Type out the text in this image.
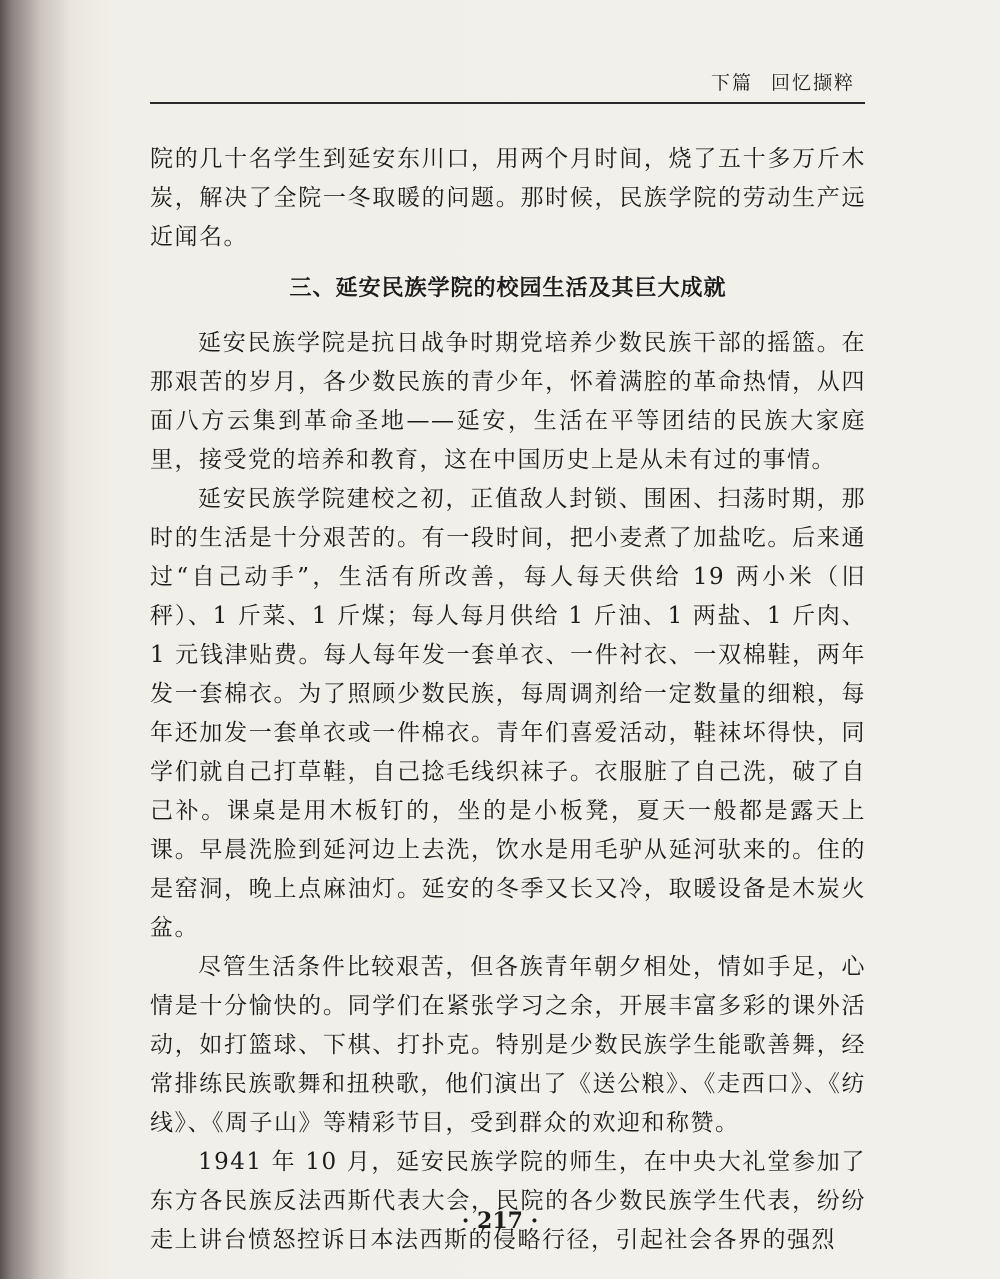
下篇 回忆撷粹

院的几十名学生到延安东川口，用两个月时间，烧了五十多万斤木炭，解决了全院一冬取暖的问题。那时候，民族学院的劳动生产远近闻名。

三、延安民族学院的校园生活及其巨大成就

延安民族学院是抗日战争时期党培养少数民族干部的摇篮。在那艰苦的岁月，各少数民族的青少年，怀着满腔的革命热情，从四面八方云集到革命圣地——延安，生活在平等团结的民族大家庭里，接受党的培养和教育，这在中国历史上是从未有过的事情。

延安民族学院建校之初，正值敌人封锁、围困、扫荡时期，那时的生活是十分艰苦的。有一段时间，把小麦煮了加盐吃。后来通过“自己动手”，生活有所改善，每人每天供给 19 两小米（旧秤）、1 斤菜、1 斤煤；每人每月供给 1 斤油、1 两盐、1 斤肉、1 元钱津贴费。每人每年发一套单衣、一件衬衣、一双棉鞋，两年发一套棉衣。为了照顾少数民族，每周调剂给一定数量的细粮，每年还加发一套单衣或一件棉衣。青年们喜爱活动，鞋袜坏得快，同学们就自己打草鞋，自己捻毛线织袜子。衣服脏了自己洗，破了自己补。课桌是用木板钉的，坐的是小板凳，夏天一般都是露天上课。早晨洗脸到延河边上去洗，饮水是用毛驴从延河驮来的。住的是窑洞，晚上点麻油灯。延安的冬季又长又冷，取暖设备是木炭火盆。

尽管生活条件比较艰苦，但各族青年朝夕相处，情如手足，心情是十分愉快的。同学们在紧张学习之余，开展丰富多彩的课外活动，如打篮球、下棋、打扑克。特别是少数民族学生能歌善舞，经常排练民族歌舞和扭秧歌，他们演出了《送公粮》、《走西口》、《纺线》、《周子山》等精彩节目，受到群众的欢迎和称赞。

1941 年 10 月，延安民族学院的师生，在中央大礼堂参加了东方各民族反法西斯代表大会，民院的各少数民族学生代表，纷纷走上讲台愤怒控诉日本法西斯的侵略行径，引起社会各界的强烈

· 217 ·
